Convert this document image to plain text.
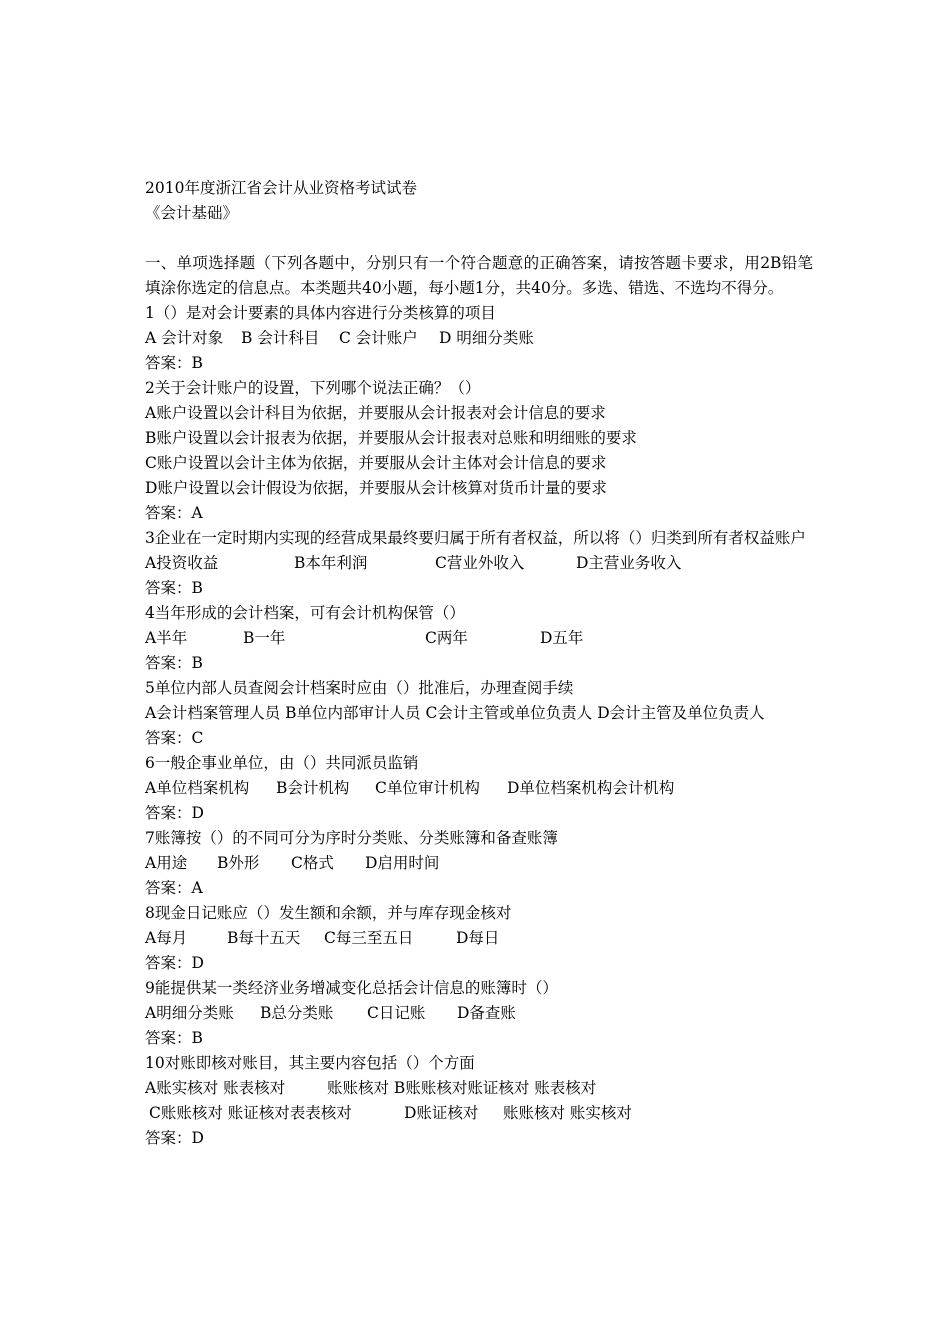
2010年度浙江省会计从业资格考试试卷
《会计基础》
一、单项选择题（下列各题中，分别只有一个符合题意的正确答案，请按答题卡要求，用2B铅笔填涂你选定的信息点。本类题共40小题，每小题1分，共40分。多选、错选、不选均不得分。
1（）是对会计要素的具体内容进行分类核算的项目
A 会计对象 B 会计科目 C 会计账户 D 明细分类账
答案：B
2关于会计账户的设置，下列哪个说法正确？（）
A账户设置以会计科目为依据，并要服从会计报表对会计信息的要求
B账户设置以会计报表为依据，并要服从会计报表对总账和明细账的要求
C账户设置以会计主体为依据，并要服从会计主体对会计信息的要求
D账户设置以会计假设为依据，并要服从会计核算对货币计量的要求
答案：A
3企业在一定时期内实现的经营成果最终要归属于所有者权益，所以将（）归类到所有者权益账户
A投资收益	B本年利润	C营业外收入	D主营业务收入
答案：B
4当年形成的会计档案，可有会计机构保管（）
A半年	B一年	C两年	D五年
答案：B
5单位内部人员查阅会计档案时应由（）批准后，办理查阅手续
A会计档案管理人员 B单位内部审计人员 C会计主管或单位负责人 D会计主管及单位负责人
答案：C
6一般企事业单位，由（）共同派员监销
A单位档案机构 B会计机构 C单位审计机构 D单位档案机构会计机构
答案：D
7账簿按（）的不同可分为序时分类账、分类账簿和备查账簿
A用途 B外形 C格式 D启用时间
答案：A
8现金日记账应（）发生额和余额，并与库存现金核对
A每月	B每十五天 C每三至五日	D每日
答案：D
9能提供某一类经济业务增减变化总括会计信息的账簿时（）
A明细分类账 B总分类账 C日记账 D备查账
答案：B
10对账即核对账目，其主要内容包括（）个方面
A账实核对 账表核对	账账核对 B账账核对账证核对 账表核对
C账账核对 账证核对表表核对	D账证核对 账账核对 账实核对
答案：D
